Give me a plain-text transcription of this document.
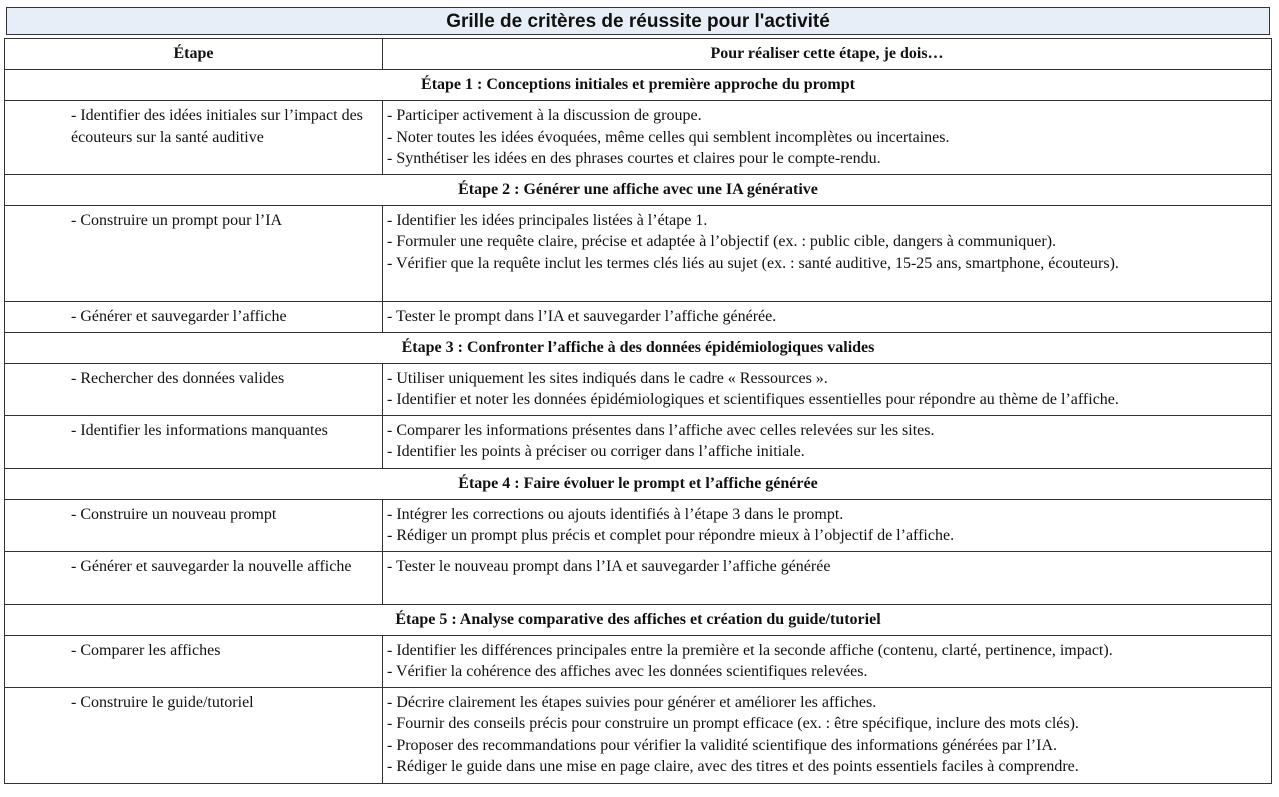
Grille de critères de réussite pour l'activité
Étape	Pour réaliser cette étape, je dois…
Étape 1 : Conceptions initiales et première approche du prompt	
- Identifier des idées initiales sur l’impact des écouteurs sur la santé auditive	- Participer activement à la discussion de groupe.
- Noter toutes les idées évoquées, même celles qui semblent incomplètes ou incertaines.
- Synthétiser les idées en des phrases courtes et claires pour le compte-rendu.

Étape 2 : Générer une affiche avec une IA générative	
- Construire un prompt pour l’IA	- Identifier les idées principales listées à l’étape 1.
- Formuler une requête claire, précise et adaptée à l’objectif (ex. : public cible, dangers à communiquer).
- Vérifier que la requête inclut les termes clés liés au sujet (ex. : santé auditive, 15-25 ans, smartphone, écouteurs).

- Générer et sauvegarder l’affiche	- Tester le prompt dans l’IA et sauvegarder l’affiche générée.

Étape 3 : Confronter l’affiche à des données épidémiologiques valides	
- Rechercher des données valides	- Utiliser uniquement les sites indiqués dans le cadre « Ressources ».
- Identifier et noter les données épidémiologiques et scientifiques essentielles pour répondre au thème de l’affiche.

- Identifier les informations manquantes	- Comparer les informations présentes dans l’affiche avec celles relevées sur les sites.
- Identifier les points à préciser ou corriger dans l’affiche initiale.

Étape 4 : Faire évoluer le prompt et l’affiche générée	
- Construire un nouveau prompt	- Intégrer les corrections ou ajouts identifiés à l’étape 3 dans le prompt.
- Rédiger un prompt plus précis et complet pour répondre mieux à l’objectif de l’affiche.

- Générer et sauvegarder la nouvelle affiche	- Tester le nouveau prompt dans l’IA et sauvegarder l’affiche générée

Étape 5 : Analyse comparative des affiches et création du guide/tutoriel	
- Comparer les affiches	- Identifier les différences principales entre la première et la seconde affiche (contenu, clarté, pertinence, impact).
- Vérifier la cohérence des affiches avec les données scientifiques relevées.

- Construire le guide/tutoriel	- Décrire clairement les étapes suivies pour générer et améliorer les affiches.
- Fournir des conseils précis pour construire un prompt efficace (ex. : être spécifique, inclure des mots clés).
- Proposer des recommandations pour vérifier la validité scientifique des informations générées par l’IA.
- Rédiger le guide dans une mise en page claire, avec des titres et des points essentiels faciles à comprendre.
